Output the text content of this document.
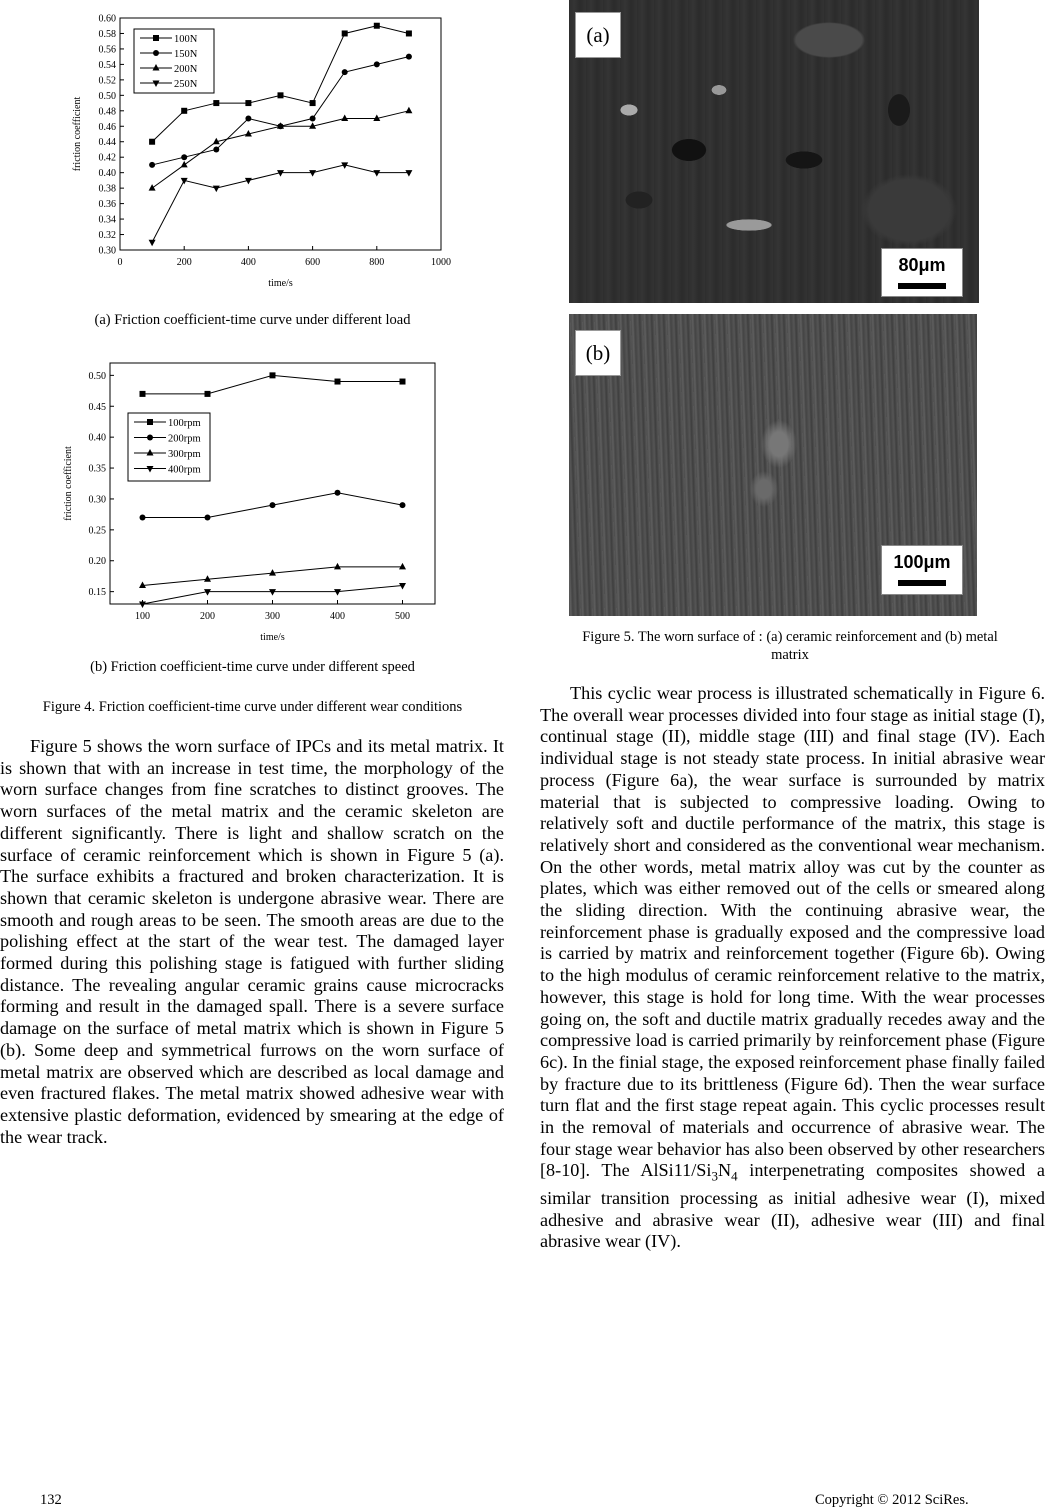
0.30
0.32
0.34
0.36
0.38
0.40
0.42
0.44
0.46
0.48
0.50
0.52
0.54
0.56
0.58
0.60
0	200	400	600	800	1000
time/s
friction coefficient
100N
150N
200N
250N
(a) Friction coefficient-time curve under different load
0.15
0.20
0.25
0.30
0.35
0.40
0.45
0.50
100	200	300	400	500
time/s
friction coefficient
100rpm
200rpm
300rpm
400rpm
(b) Friction coefficient-time curve under different speed
Figure 4. Friction coefficient-time curve under different wear conditions

Figure 5 shows the worn surface of IPCs and its metal matrix. It is shown that with an increase in test time, the morphology of the worn surface changes from fine scratches to distinct grooves. The worn surfaces of the metal matrix and the ceramic skeleton are different significantly. There is light and shallow scratch on the surface of ceramic reinforcement which is shown in Figure 5 (a). The surface exhibits a fractured and broken characterization. It is shown that ceramic skeleton is undergone abrasive wear. There are smooth and rough areas to be seen. The smooth areas are due to the polishing effect at the start of the wear test. The damaged layer formed during this polishing stage is fatigued with further sliding distance. The revealing angular ceramic grains cause microcracks forming and result in the damaged spall. There is a severe surface damage on the surface of metal matrix which is shown in Figure 5 (b). Some deep and symmetrical furrows on the worn surface of metal matrix are observed which are described as local damage and even fractured flakes. The metal matrix showed adhesive wear with extensive plastic deformation, evidenced by smearing at the edge of the wear track.

(a)
80μm
(b)
100μm
Figure 5. The worn surface of : (a) ceramic reinforcement and (b) metal
matrix

This cyclic wear process is illustrated schematically in Figure 6. The overall wear processes divided into four stage as initial stage (I), continual stage (II), middle stage (III) and final stage (IV). Each individual stage is not steady state process. In initial abrasive wear process (Figure 6a), the wear surface is surrounded by matrix material that is subjected to compressive loading. Owing to relatively soft and ductile performance of the matrix, this stage is relatively short and considered as the conventional wear mechanism. On the other words, metal matrix alloy was cut by the counter as plates, which was either removed out of the cells or smeared along the sliding direction. With the continuing abrasive wear, the reinforcement phase is gradually exposed and the compressive load is carried by matrix and reinforcement together (Figure 6b). Owing to the high modulus of ceramic reinforcement relative to the matrix, however, this stage is hold for long time. With the wear processes going on, the soft and ductile matrix gradually recedes away and the compressive load is carried primarily by reinforcement phase (Figure 6c). In the finial stage, the exposed reinforcement phase finally failed by fracture due to its brittleness (Figure 6d). Then the wear surface turn flat and the first stage repeat again. This cyclic processes result in the removal of materials and occurrence of abrasive wear. The four stage wear behavior has also been observed by other researchers [8-10]. The $AlSi11/Si_3N_4$ interpenetrating composites showed a similar transition processing as initial adhesive wear (I), mixed adhesive and abrasive wear (II), adhesive wear (III) and final abrasive wear (IV).

132	Copyright © 2012 SciRes.
